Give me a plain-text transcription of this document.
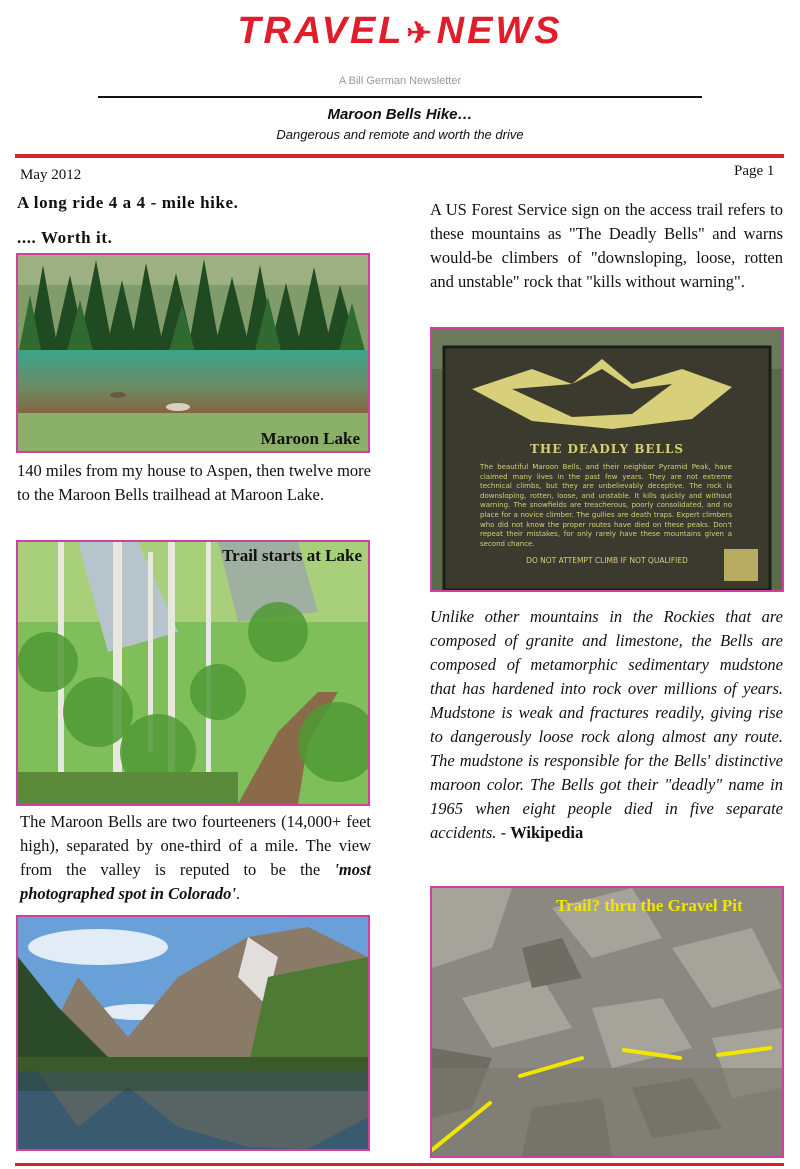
TRAVEL✈NEWS
A Bill German Newsletter
Maroon Bells Hike…
Dangerous and remote and worth the drive
May 2012	Page 1
A long ride 4 a 4 - mile hike.
.... Worth it.
Maroon Lake
140 miles from my house to Aspen, then twelve more to the Maroon Bells trailhead at Maroon Lake.
Trail starts at Lake
The Maroon Bells are two fourteeners (14,000+ feet high), separated by one-third of a mile. The view from the valley is reputed to be the 'most photographed spot in Colorado'.
A US Forest Service sign on the access trail refers to these mountains as "The Deadly Bells" and warns would-be climbers of "downsloping, loose, rotten and unstable" rock that "kills without warning".
THE DEADLY BELLS
The beautiful Maroon Bells, and their neighbor Pyramid Peak, have claimed many lives in the past few years. They are not extreme technical climbs, but they are unbelievably deceptive. The rock is downsloping, rotten, loose, and unstable. It kills quickly and without warning. The snowfields are treacherous, poorly consolidated, and no place for a novice climber. The gullies are death traps. Expert climbers who did not know the proper routes have died on these peaks. Don't repeat their mistakes, for only rarely have these mountains given a second chance.
DO NOT ATTEMPT CLIMB IF NOT QUALIFIED
Unlike other mountains in the Rockies that are composed of granite and limestone, the Bells are composed of metamorphic sedimentary mudstone that has hardened into rock over millions of years. Mudstone is weak and fractures readily, giving rise to dangerously loose rock along almost any route. The mudstone is responsible for the Bells' distinctive maroon color. The Bells got their "deadly" name in 1965 when eight people died in five separate accidents. - Wikipedia
Trail? thru the Gravel Pit
